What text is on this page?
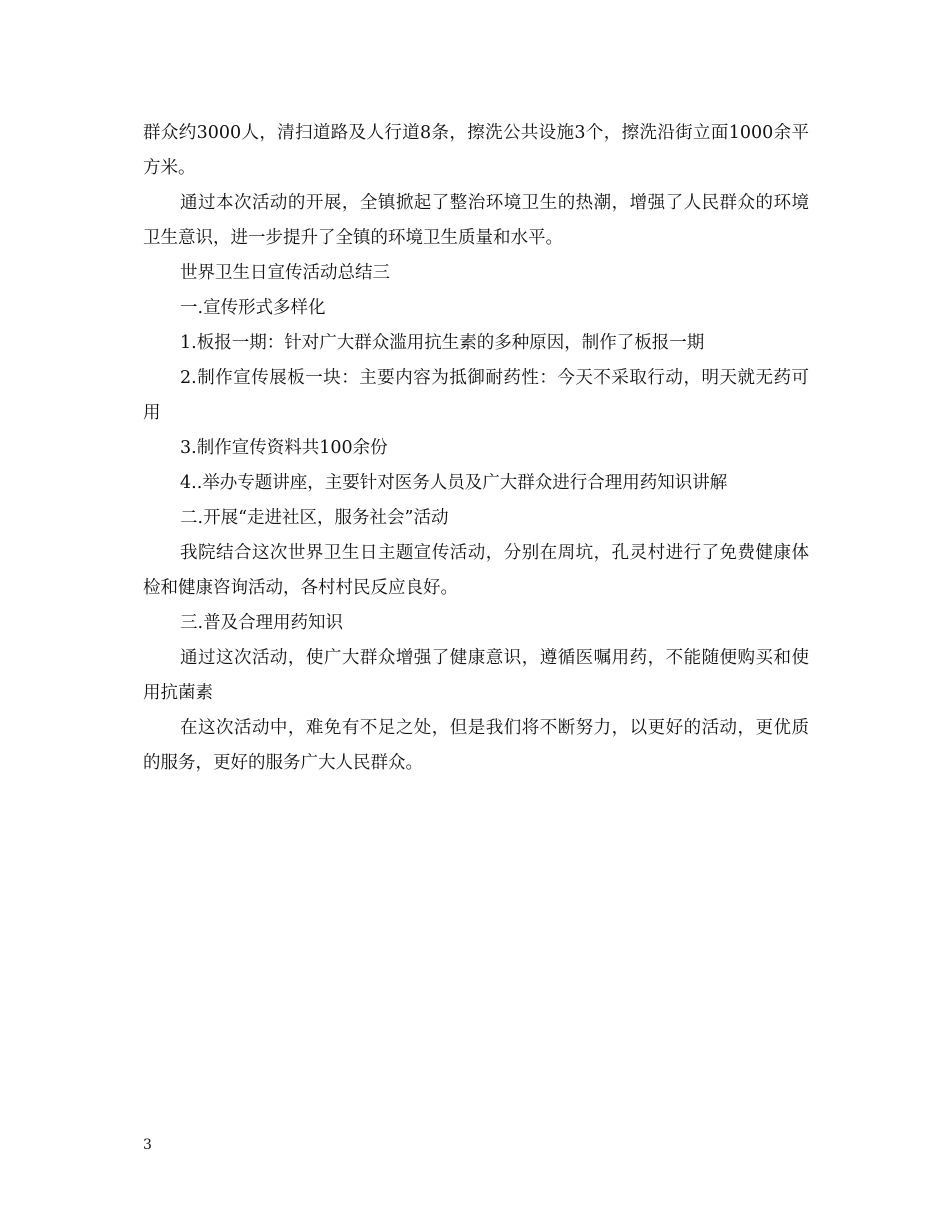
群众约3000人，清扫道路及人行道8条，擦洗公共设施3个，擦洗沿街立面1000余平方米。

通过本次活动的开展，全镇掀起了整治环境卫生的热潮，增强了人民群众的环境卫生意识，进一步提升了全镇的环境卫生质量和水平。

世界卫生日宣传活动总结三

一.宣传形式多样化

1.板报一期：针对广大群众滥用抗生素的多种原因，制作了板报一期

2.制作宣传展板一块：主要内容为抵御耐药性：今天不采取行动，明天就无药可用

3.制作宣传资料共100余份

4..举办专题讲座，主要针对医务人员及广大群众进行合理用药知识讲解

二.开展“走进社区，服务社会”活动

我院结合这次世界卫生日主题宣传活动，分别在周坑，孔灵村进行了免费健康体检和健康咨询活动，各村村民反应良好。

三.普及合理用药知识

通过这次活动，使广大群众增强了健康意识，遵循医嘱用药，不能随便购买和使用抗菌素

在这次活动中，难免有不足之处，但是我们将不断努力，以更好的活动，更优质的服务，更好的服务广大人民群众。

3
